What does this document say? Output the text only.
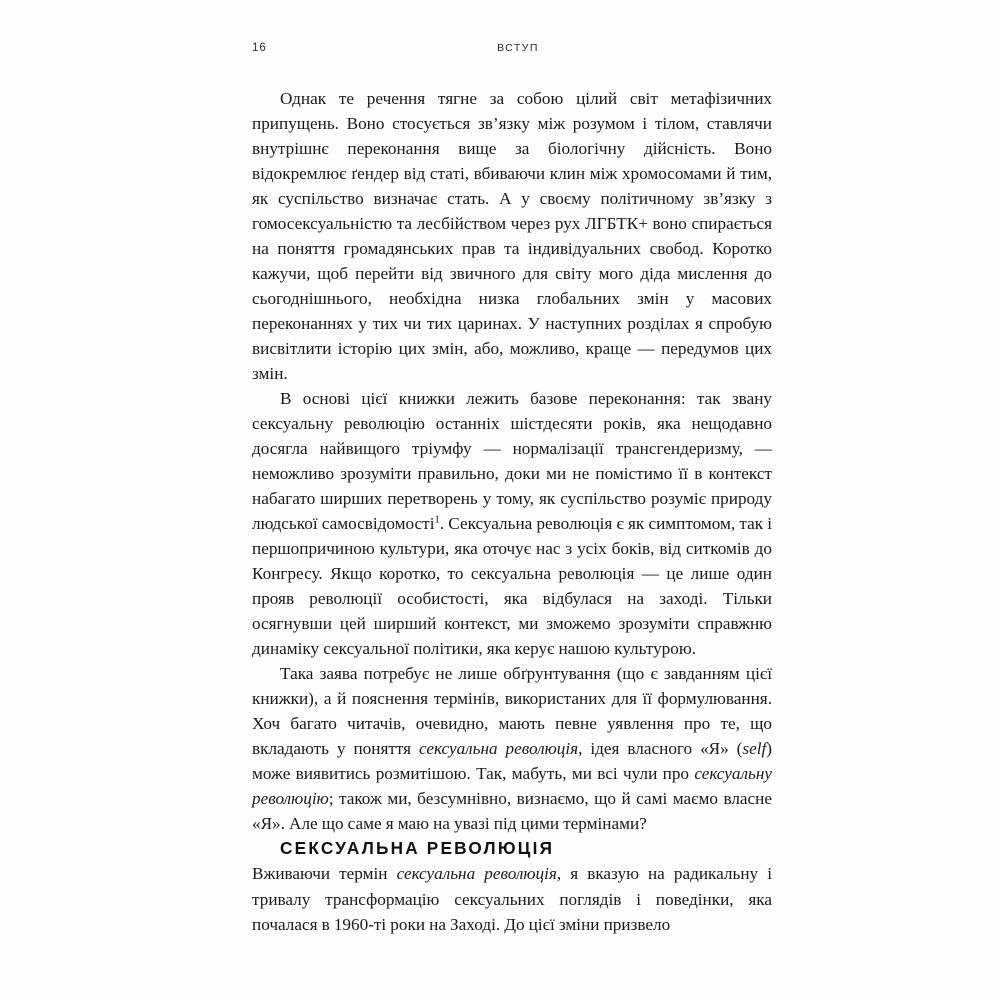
16	ВСТУП

Однак те речення тягне за собою цілий світ метафізичних припущень. Воно стосується зв’язку між розумом і тілом, ставлячи внутрішнє переконання вище за біологічну дійсність. Воно відокремлює ґендер від статі, вбиваючи клин між хромосомами й тим, як суспільство визначає стать. А у своєму політичному зв’язку з гомосексуальністю та лесбійством через рух ЛГБТК+ воно спирається на поняття громадянських прав та індивідуальних свобод. Коротко кажучи, щоб перейти від звичного для світу мого діда мислення до сьогоднішнього, необхідна низка глобальних змін у масових переконаннях у тих чи тих царинах. У наступних розділах я спробую висвітлити історію цих змін, або, можливо, краще — передумов цих змін.

В основі цієї книжки лежить базове переконання: так звану сексуальну революцію останніх шістдесяти років, яка нещодавно досягла найвищого тріумфу — нормалізації трансгендеризму, — неможливо зрозуміти правильно, доки ми не помістимо її в контекст набагато ширших перетворень у тому, як суспільство розуміє природу людської самосвідомості$^1$. Сексуальна революція є як симптомом, так і першопричиною культури, яка оточує нас з усіх боків, від ситкомів до Конгресу. Якщо коротко, то сексуальна революція — це лише один прояв революції особистості, яка відбулася на заході. Тільки осягнувши цей ширший контекст, ми зможемо зрозуміти справжню динаміку сексуальної політики, яка керує нашою культурою.

Така заява потребує не лише обґрунтування (що є завданням цієї книжки), а й пояснення термінів, використаних для її формулювання. Хоч багато читачів, очевидно, мають певне уявлення про те, що вкладають у поняття сексуальна революція, ідея власного «Я» (self) може виявитись розмитішою. Так, мабуть, ми всі чули про сексуальну революцію; також ми, безсумнівно, визнаємо, що й самі маємо власне «Я». Але що саме я маю на увазі під цими термінами?

СЕКСУАЛЬНА РЕВОЛЮЦІЯ

Вживаючи термін сексуальна революція, я вказую на радикальну і тривалу трансформацію сексуальних поглядів і поведінки, яка почалася в 1960-ті роки на Заході. До цієї зміни призвело
